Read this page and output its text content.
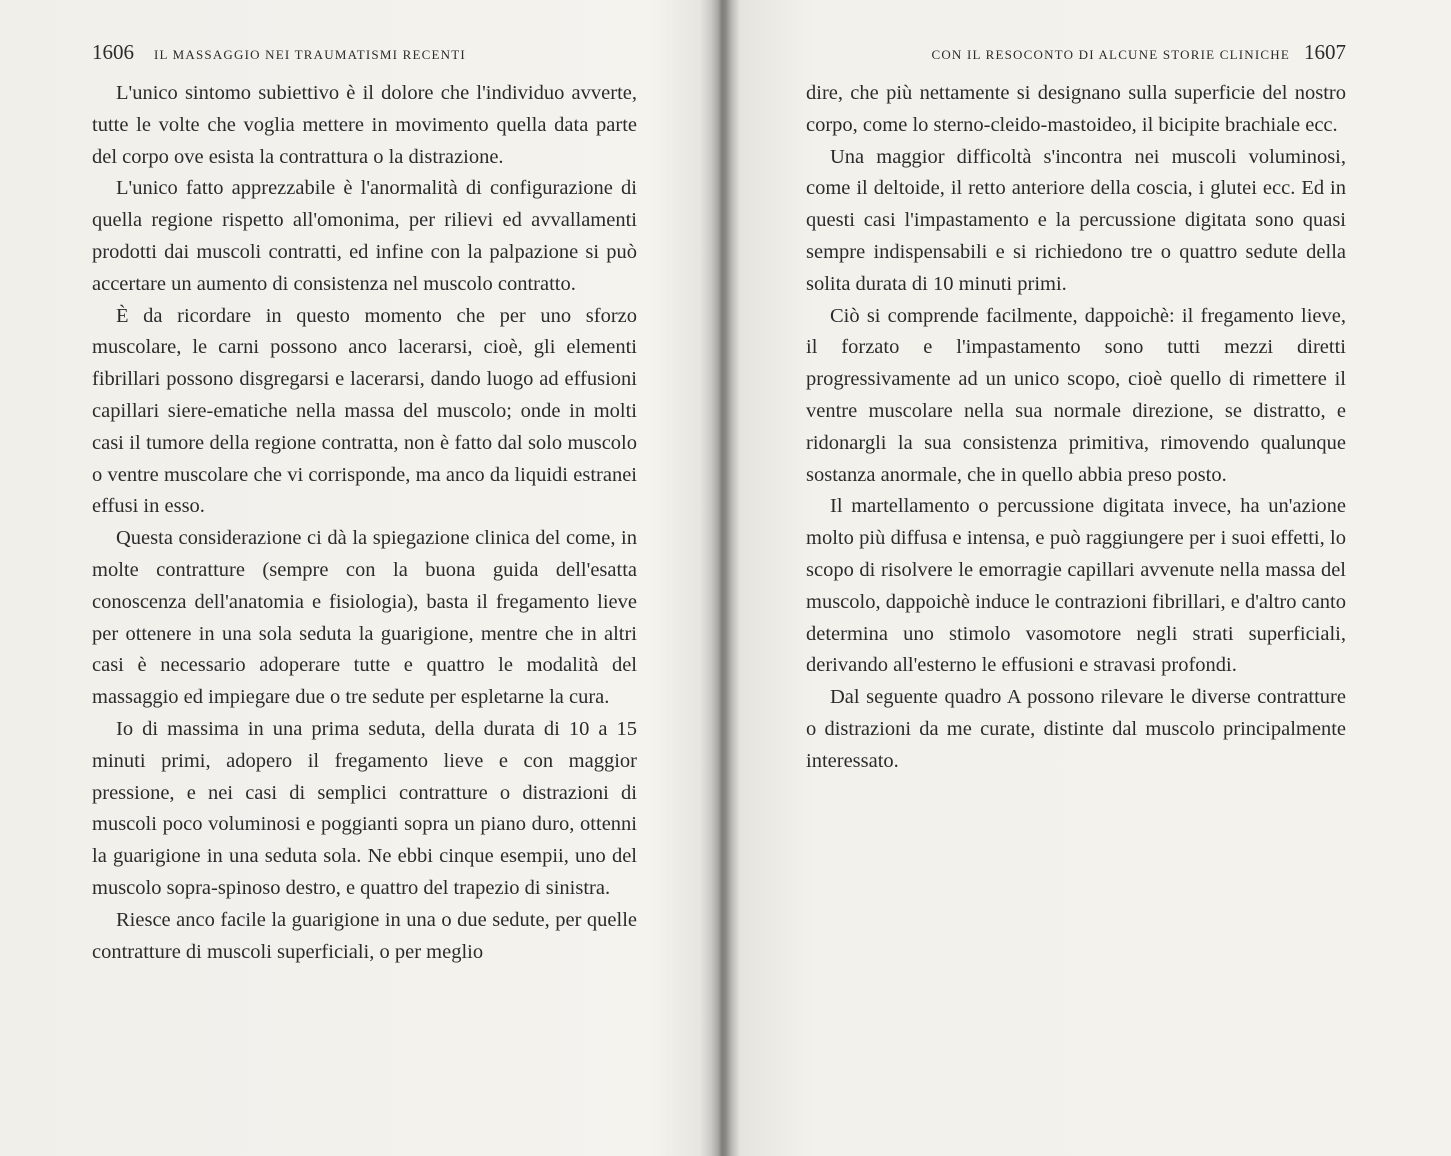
1606 IL MASSAGGIO NEI TRAUMATISMI RECENTI

L'unico sintomo subiettivo è il dolore che l'individuo avverte, tutte le volte che voglia mettere in movimento quella data parte del corpo ove esista la contrattura o la distrazione.

L'unico fatto apprezzabile è l'anormalità di configurazione di quella regione rispetto all'omonima, per rilievi ed avvallamenti prodotti dai muscoli contratti, ed infine con la palpazione si può accertare un aumento di consistenza nel muscolo contratto.

È da ricordare in questo momento che per uno sforzo muscolare, le carni possono anco lacerarsi, cioè, gli elementi fibrillari possono disgregarsi e lacerarsi, dando luogo ad effusioni capillari siere-ematiche nella massa del muscolo; onde in molti casi il tumore della regione contratta, non è fatto dal solo muscolo o ventre muscolare che vi corrisponde, ma anco da liquidi estranei effusi in esso.

Questa considerazione ci dà la spiegazione clinica del come, in molte contratture (sempre con la buona guida dell'esatta conoscenza dell'anatomia e fisiologia), basta il fregamento lieve per ottenere in una sola seduta la guarigione, mentre che in altri casi è necessario adoperare tutte e quattro le modalità del massaggio ed impiegare due o tre sedute per espletarne la cura.

Io di massima in una prima seduta, della durata di 10 a 15 minuti primi, adopero il fregamento lieve e con maggior pressione, e nei casi di semplici contratture o distrazioni di muscoli poco voluminosi e poggianti sopra un piano duro, ottenni la guarigione in una seduta sola. Ne ebbi cinque esempii, uno del muscolo sopra-spinoso destro, e quattro del trapezio di sinistra.

Riesce anco facile la guarigione in una o due sedute, per quelle contratture di muscoli superficiali, o per meglio

CON IL RESOCONTO DI ALCUNE STORIE CLINICHE 1607

dire, che più nettamente si designano sulla superficie del nostro corpo, come lo sterno-cleido-mastoideo, il bicipite brachiale ecc.

Una maggior difficoltà s'incontra nei muscoli voluminosi, come il deltoide, il retto anteriore della coscia, i glutei ecc. Ed in questi casi l'impastamento e la percussione digitata sono quasi sempre indispensabili e si richiedono tre o quattro sedute della solita durata di 10 minuti primi.

Ciò si comprende facilmente, dappoichè: il fregamento lieve, il forzato e l'impastamento sono tutti mezzi diretti progressivamente ad un unico scopo, cioè quello di rimettere il ventre muscolare nella sua normale direzione, se distratto, e ridonargli la sua consistenza primitiva, rimovendo qualunque sostanza anormale, che in quello abbia preso posto.

Il martellamento o percussione digitata invece, ha un'azione molto più diffusa e intensa, e può raggiungere per i suoi effetti, lo scopo di risolvere le emorragie capillari avvenute nella massa del muscolo, dappoichè induce le contrazioni fibrillari, e d'altro canto determina uno stimolo vasomotore negli strati superficiali, derivando all'esterno le effusioni e stravasi profondi.

Dal seguente quadro A possono rilevare le diverse contratture o distrazioni da me curate, distinte dal muscolo principalmente interessato.
